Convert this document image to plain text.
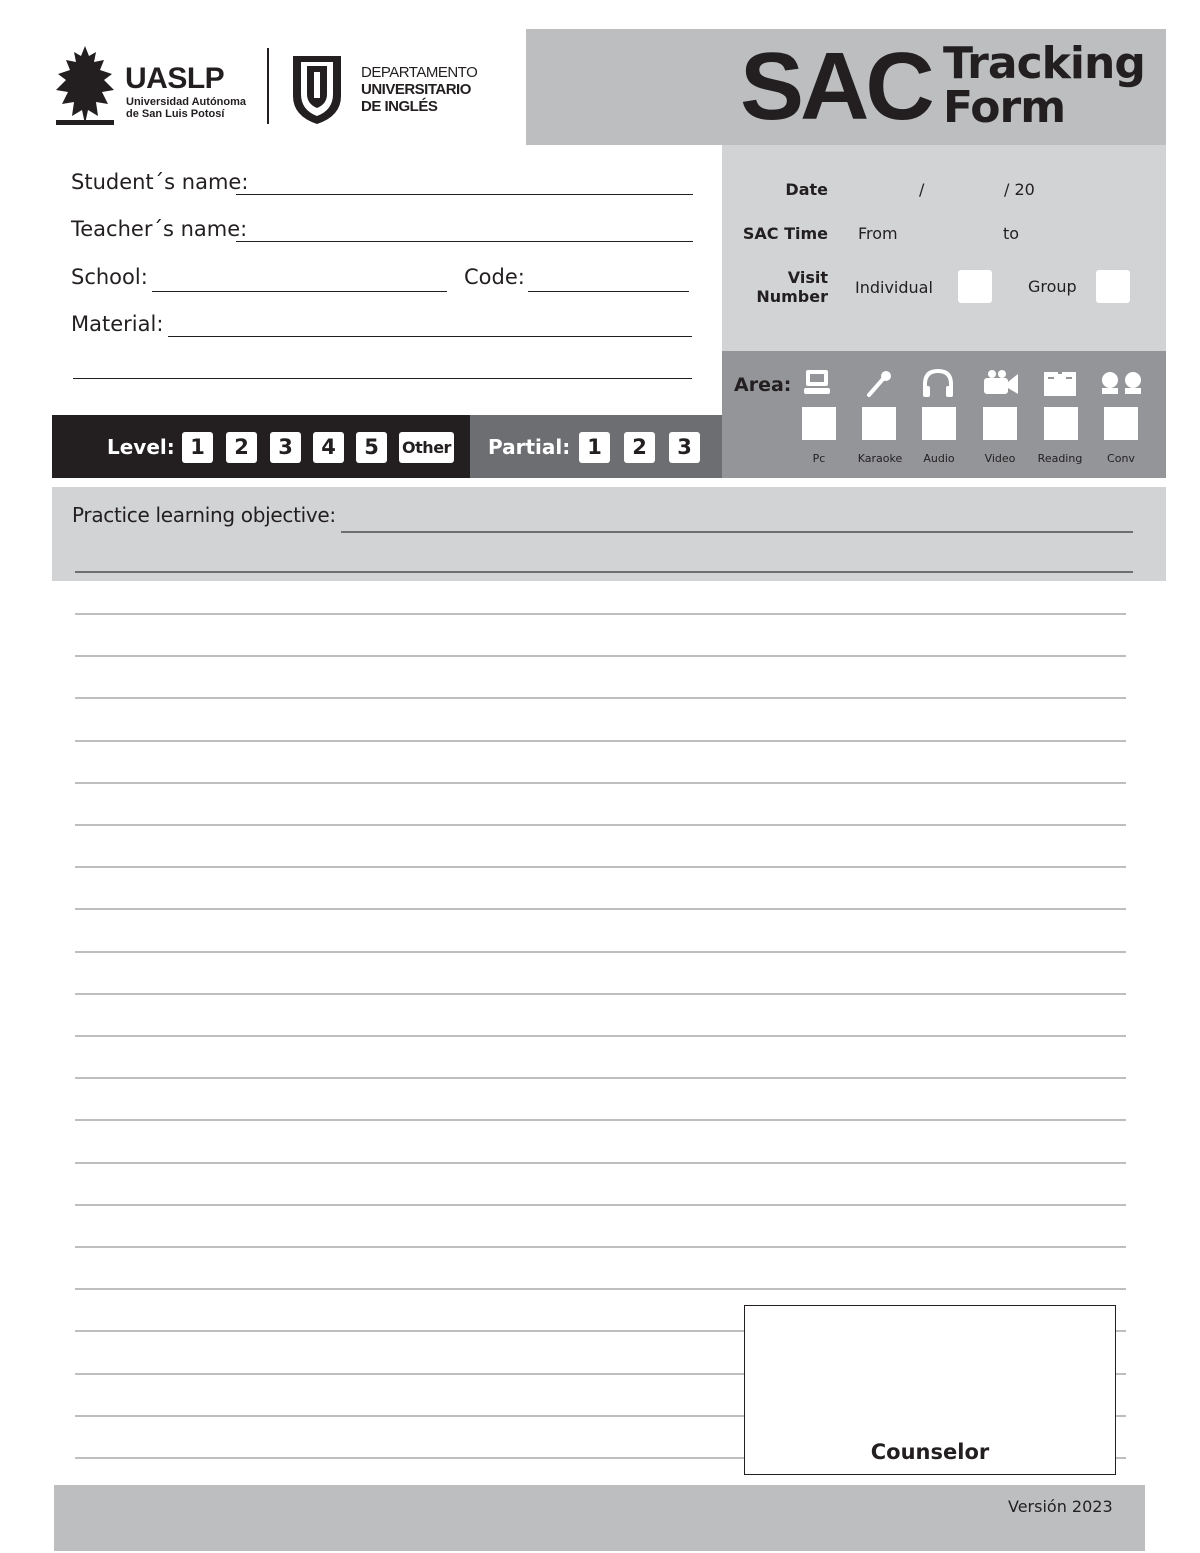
UASLP
Universidad Autónoma
de San Luis Potosí
DEPARTAMENTO
UNIVERSITARIO
DE INGLÉS	SAC Tracking
Form
Student´s name:
Teacher´s name:
School:	Code:
Material:
Date	/	/ 20
SAC Time From	to
Visit
Number Individual	Group
Area:
Pc	Karaoke	Audio	Video	Reading	Conv
Level: 1	2	3	4	5	Other Partial: 1	2	3
Practice learning objective:
Counselor
Versión 2023
